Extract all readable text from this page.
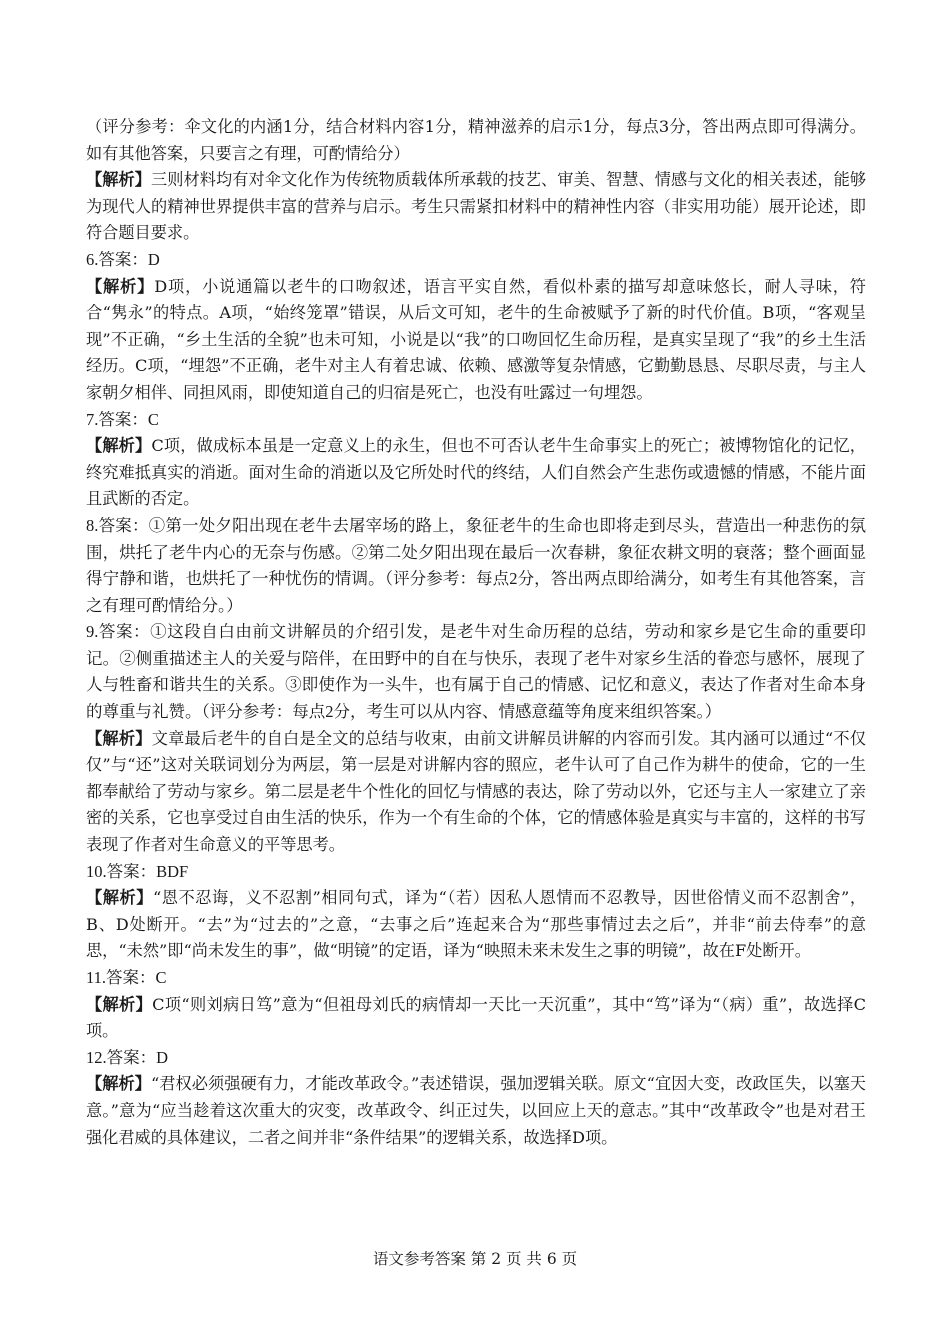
（评分参考：伞文化的内涵1分，结合材料内容1分，精神滋养的启示1分，每点3分，答出两点即可得满分。如有其他答案，只要言之有理，可酌情给分）

【解析】三则材料均有对伞文化作为传统物质载体所承载的技艺、审美、智慧、情感与文化的相关表述，能够为现代人的精神世界提供丰富的营养与启示。考生只需紧扣材料中的精神性内容（非实用功能）展开论述，即符合题目要求。

6.答案：D

【解析】D项，小说通篇以老牛的口吻叙述，语言平实自然，看似朴素的描写却意味悠长，耐人寻味，符合“隽永”的特点。A项，“始终笼罩”错误，从后文可知，老牛的生命被赋予了新的时代价值。B项，“客观呈现”不正确，“乡土生活的全貌”也未可知，小说是以“我”的口吻回忆生命历程，是真实呈现了“我”的乡土生活经历。C项，“埋怨”不正确，老牛对主人有着忠诚、依赖、感激等复杂情感，它勤勤恳恳、尽职尽责，与主人家朝夕相伴、同担风雨，即使知道自己的归宿是死亡，也没有吐露过一句埋怨。

7.答案：C

【解析】C项，做成标本虽是一定意义上的永生，但也不可否认老牛生命事实上的死亡；被博物馆化的记忆，终究难抵真实的消逝。面对生命的消逝以及它所处时代的终结，人们自然会产生悲伤或遗憾的情感，不能片面且武断的否定。

8.答案：①第一处夕阳出现在老牛去屠宰场的路上，象征老牛的生命也即将走到尽头，营造出一种悲伤的氛围，烘托了老牛内心的无奈与伤感。②第二处夕阳出现在最后一次春耕，象征农耕文明的衰落；整个画面显得宁静和谐，也烘托了一种忧伤的情调。（评分参考：每点2分，答出两点即给满分，如考生有其他答案，言之有理可酌情给分。）

9.答案：①这段自白由前文讲解员的介绍引发，是老牛对生命历程的总结，劳动和家乡是它生命的重要印记。②侧重描述主人的关爱与陪伴，在田野中的自在与快乐，表现了老牛对家乡生活的眷恋与感怀，展现了人与牲畜和谐共生的关系。③即使作为一头牛，也有属于自己的情感、记忆和意义，表达了作者对生命本身的尊重与礼赞。（评分参考：每点2分，考生可以从内容、情感意蕴等角度来组织答案。）

【解析】文章最后老牛的自白是全文的总结与收束，由前文讲解员讲解的内容而引发。其内涵可以通过“不仅仅”与“还”这对关联词划分为两层，第一层是对讲解内容的照应，老牛认可了自己作为耕牛的使命，它的一生都奉献给了劳动与家乡。第二层是老牛个性化的回忆与情感的表达，除了劳动以外，它还与主人一家建立了亲密的关系，它也享受过自由生活的快乐，作为一个有生命的个体，它的情感体验是真实与丰富的，这样的书写表现了作者对生命意义的平等思考。

10.答案：BDF

【解析】“恩不忍诲，义不忍割”相同句式，译为“（若）因私人恩情而不忍教导，因世俗情义而不忍割舍”，B、D处断开。“去”为“过去的”之意，“去事之后”连起来合为“那些事情过去之后”，并非“前去侍奉”的意思，“未然”即“尚未发生的事”，做“明镜”的定语，译为“映照未来未发生之事的明镜”，故在F处断开。

11.答案：C

【解析】C项“则刘病日笃”意为“但祖母刘氏的病情却一天比一天沉重”，其中“笃”译为“（病）重”，故选择C项。

12.答案：D

【解析】“君权必须强硬有力，才能改革政令。”表述错误，强加逻辑关联。原文“宜因大变，改政匡失，以塞天意。”意为“应当趁着这次重大的灾变，改革政令、纠正过失，以回应上天的意志。”其中“改革政令”也是对君王强化君威的具体建议，二者之间并非“条件结果”的逻辑关系，故选择D项。

语文参考答案 第 2 页 共 6 页
